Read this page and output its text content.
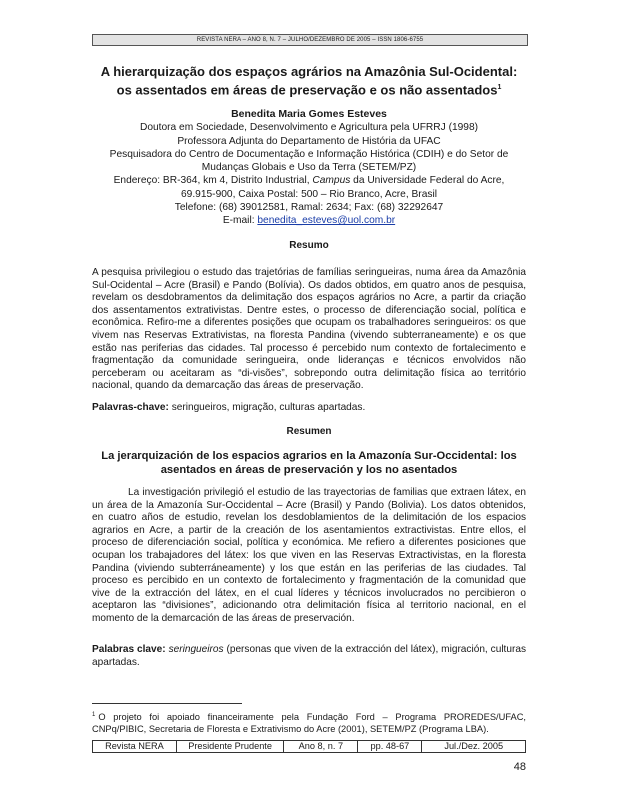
REVISTA NERA – ANO 8, N. 7 – JULHO/DEZEMBRO DE 2005 – ISSN 1806-6755
A hierarquização dos espaços agrários na Amazônia Sul-Ocidental:
os assentados em áreas de preservação e os não assentados$^1$

Benedita Maria Gomes Esteves

Doutora em Sociedade, Desenvolvimento e Agricultura pela UFRRJ (1998)

Professora Adjunta do Departamento de História da UFAC

Pesquisadora do Centro de Documentação e Informação Histórica (CDIH) e do Setor de

Mudanças Globais e Uso da Terra (SETEM/PZ)

Endereço: BR-364, km 4, Distrito Industrial, Campus da Universidade Federal do Acre,

69.915-900, Caixa Postal: 500 – Rio Branco, Acre, Brasil

Telefone: (68) 39012581, Ramal: 2634; Fax: (68) 32292647

E-mail: benedita_esteves@uol.com.br

Resumo

A pesquisa privilegiou o estudo das trajetórias de famílias seringueiras, numa área da Amazônia Sul-Ocidental – Acre (Brasil) e Pando (Bolívia). Os dados obtidos, em quatro anos de pesquisa, revelam os desdobramentos da delimitação dos espaços agrários no Acre, a partir da criação dos assentamentos extrativistas. Dentre estes, o processo de diferenciação social, política e econômica. Refiro-me a diferentes posições que ocupam os trabalhadores seringueiros: os que vivem nas Reservas Extrativistas, na floresta Pandina (vivendo subterraneamente) e os que estão nas periferias das cidades. Tal processo é percebido num contexto de fortalecimento e fragmentação da comunidade seringueira, onde lideranças e técnicos envolvidos não perceberam ou aceitaram as “di-visões”, sobrepondo outra delimitação física ao território nacional, quando da demarcação das áreas de preservação.

Palavras-chave: seringueiros, migração, culturas apartadas.

Resumen
La jerarquización de los espacios agrarios en la Amazonía Sur-Occidental: los asentados en áreas de preservación y los no asentados

La investigación privilegió el estudio de las trayectorias de familias que extraen látex, en un área de la Amazonía Sur-Occidental – Acre (Brasil) y Pando (Bolivia). Los datos obtenidos, en cuatro años de estudio, revelan los desdoblamientos de la delimitación de los espacios agrarios en Acre, a partir de la creación de los asentamientos extractivistas. Entre ellos, el proceso de diferenciación social, política y económica. Me refiero a diferentes posiciones que ocupan los trabajadores del látex: los que viven en las Reservas Extractivistas, en la floresta Pandina (viviendo subterráneamente) y los que están en las periferias de las ciudades. Tal proceso es percibido en un contexto de fortalecimento y fragmentación de la comunidad que vive de la extracción del látex, en el cual líderes y técnicos involucrados no percibieron o aceptaron las “divisiones”, adicionando otra delimitación física al territorio nacional, en el momento de la demarcación de las áreas de preservación.

Palabras clave: seringueiros (personas que viven de la extracción del látex), migración, culturas apartadas.

$^1$ O projeto foi apoiado financeiramente pela Fundação Ford – Programa PROREDES/UFAC, CNPq/PIBIC, Secretaria de Floresta e Extrativismo do Acre (2001), SETEM/PZ (Programa LBA).

Revista NERA	Presidente Prudente	Ano 8, n. 7	pp. 48-67	Jul./Dez. 2005
48
